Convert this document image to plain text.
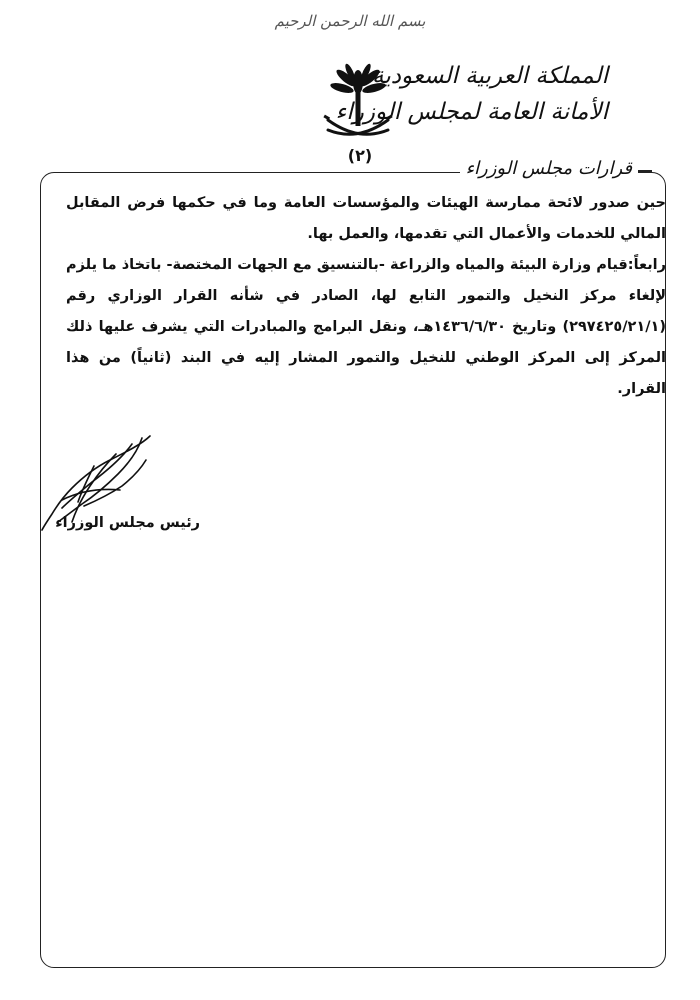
بسم الله الرحمن الرحيم
(٢)
المملكة العربية السعودية
الأمانة العامة لمجلس الوزراء
قرارات مجلس الوزراء

حين صدور لائحة ممارسة الهيئات والمؤسسات العامة وما في حكمها فرض المقابل المالي للخدمات والأعمال التي تقدمها، والعمل بها.

رابعاً:قيام وزارة البيئة والمياه والزراعة -بالتنسيق مع الجهات المختصة- باتخاذ ما يلزم لإلغاء مركز النخيل والتمور التابع لها، الصادر في شأنه القرار الوزاري رقم (٢٩٧٤٢٥/٢١/١) وتاريخ ١٤٣٦/٦/٣٠هـ، ونقل البرامج والمبادرات التي يشرف عليها ذلك المركز إلى المركز الوطني للنخيل والتمور المشار إليه في البند (ثانياً) من هذا القرار.

رئيس مجلس الوزراء
